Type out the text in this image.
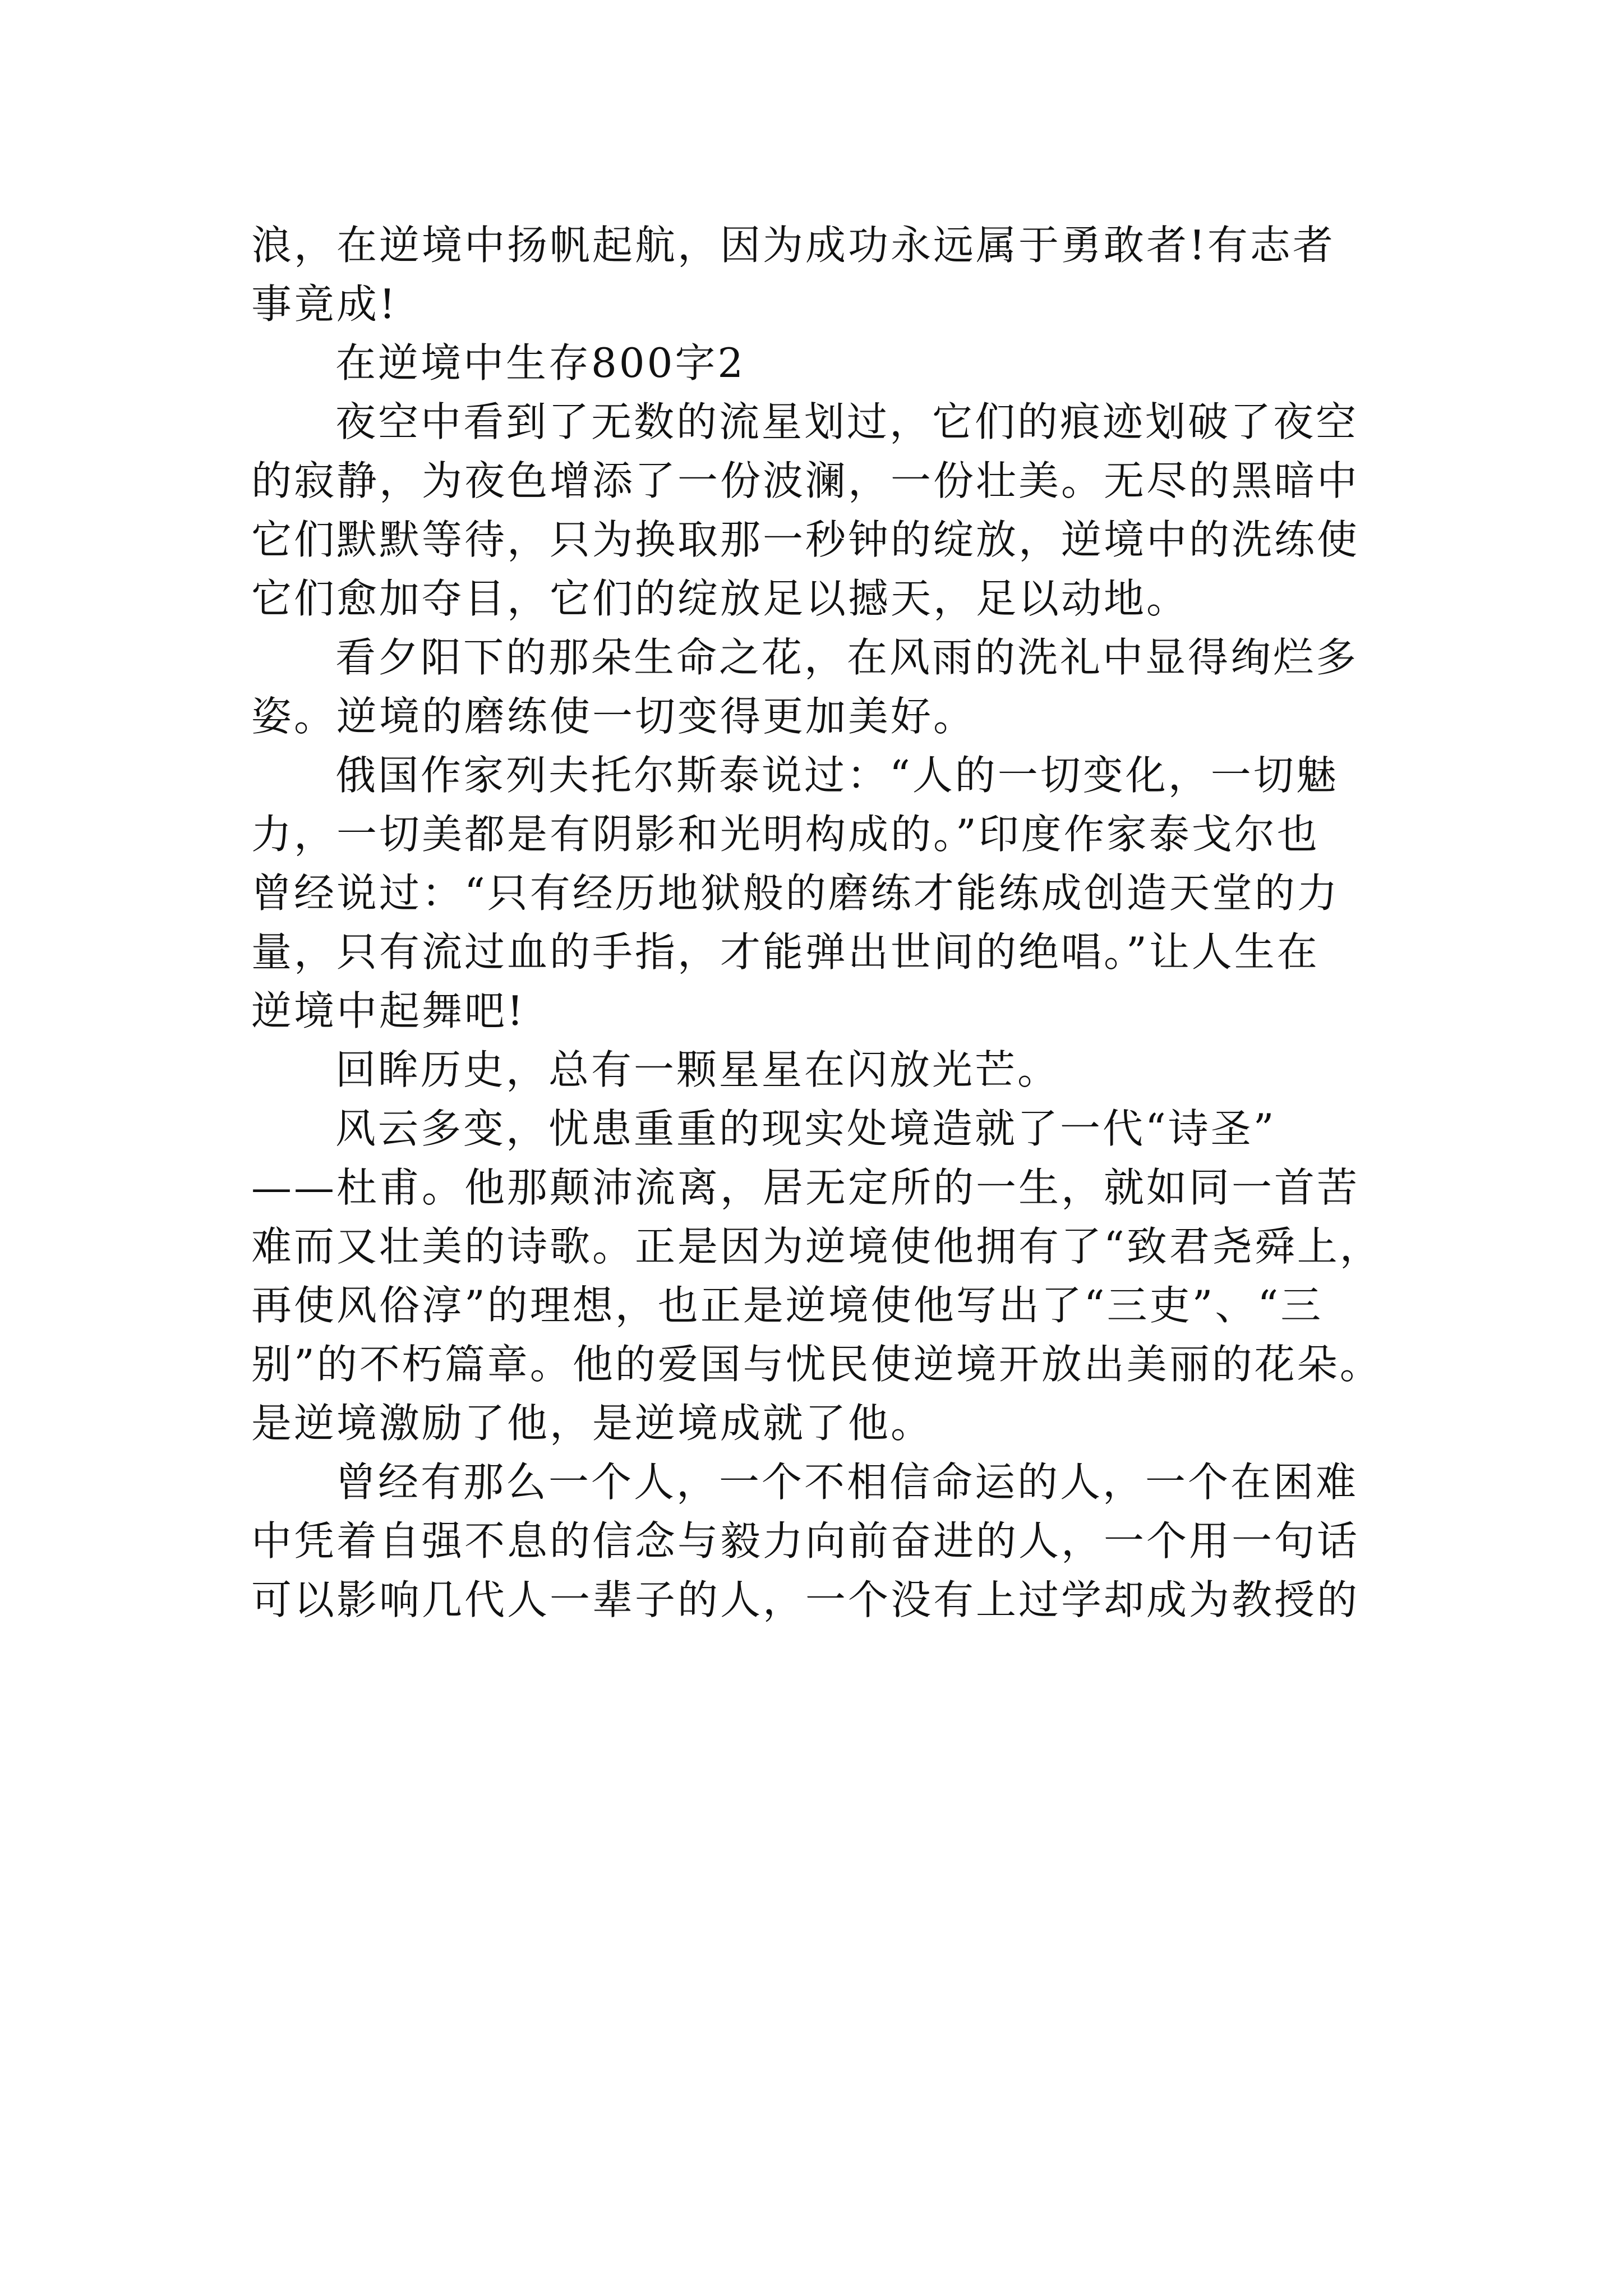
浪，在逆境中扬帆起航，因为成功永远属于勇敢者!有志者
事竟成!
在逆境中生存800字2
夜空中看到了无数的流星划过，它们的痕迹划破了夜空
的寂静，为夜色增添了一份波澜，一份壮美。无尽的黑暗中
它们默默等待，只为换取那一秒钟的绽放，逆境中的洗练使
它们愈加夺目，它们的绽放足以撼天，足以动地。
看夕阳下的那朵生命之花，在风雨的洗礼中显得绚烂多
姿。逆境的磨练使一切变得更加美好。
俄国作家列夫托尔斯泰说过：“人的一切变化，一切魅
力，一切美都是有阴影和光明构成的。”印度作家泰戈尔也
曾经说过：“只有经历地狱般的磨练才能练成创造天堂的力
量，只有流过血的手指，才能弹出世间的绝唱。”让人生在
逆境中起舞吧!
回眸历史，总有一颗星星在闪放光芒。
风云多变，忧患重重的现实处境造就了一代“诗圣”
——杜甫。他那颠沛流离，居无定所的一生，就如同一首苦
难而又壮美的诗歌。正是因为逆境使他拥有了“致君尧舜上，
再使风俗淳”的理想，也正是逆境使他写出了“三吏”、“三
别”的不朽篇章。他的爱国与忧民使逆境开放出美丽的花朵。
是逆境激励了他，是逆境成就了他。
曾经有那么一个人，一个不相信命运的人，一个在困难
中凭着自强不息的信念与毅力向前奋进的人，一个用一句话
可以影响几代人一辈子的人，一个没有上过学却成为教授的
